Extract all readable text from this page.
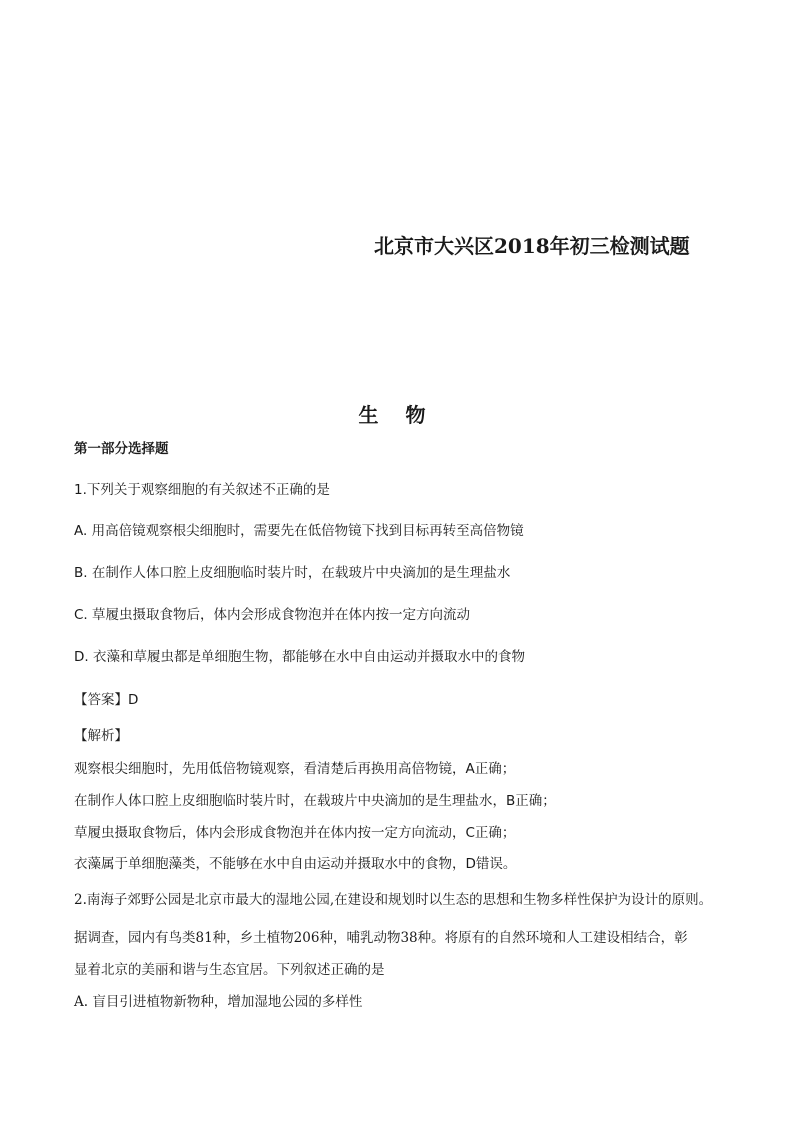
北京市大兴区2018年初三检测试题
生 物
第一部分选择题
1.下列关于观察细胞的有关叙述不正确的是
A. 用高倍镜观察根尖细胞时，需要先在低倍物镜下找到目标再转至高倍物镜
B. 在制作人体口腔上皮细胞临时装片时，在载玻片中央滴加的是生理盐水
C. 草履虫摄取食物后，体内会形成食物泡并在体内按一定方向流动
D. 衣藻和草履虫都是单细胞生物，都能够在水中自由运动并摄取水中的食物
【答案】D
【解析】
观察根尖细胞时，先用低倍物镜观察，看清楚后再换用高倍物镜，A正确；
在制作人体口腔上皮细胞临时装片时，在载玻片中央滴加的是生理盐水，B正确；
草履虫摄取食物后，体内会形成食物泡并在体内按一定方向流动，C正确；
衣藻属于单细胞藻类，不能够在水中自由运动并摄取水中的食物，D错误。
2.南海子郊野公园是北京市最大的湿地公园,在建设和规划时以生态的思想和生物多样性保护为设计的原则。
据调查，园内有鸟类81种，乡土植物206种，哺乳动物38种。将原有的自然环境和人工建设相结合，彰
显着北京的美丽和谐与生态宜居。下列叙述正确的是
A. 盲目引进植物新物种，增加湿地公园的多样性
